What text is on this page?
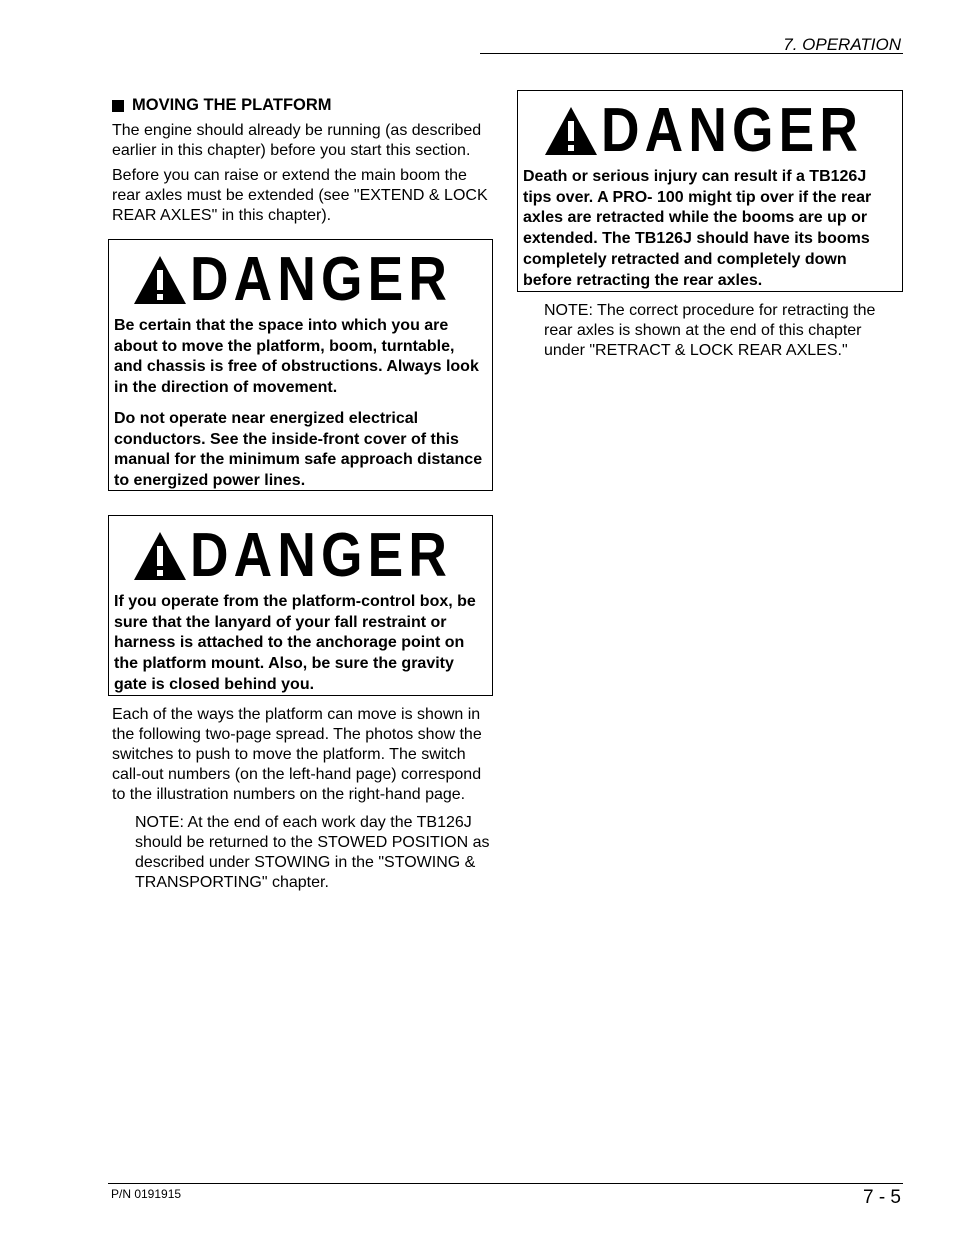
7. OPERATION
MOVING THE PLATFORM

The engine should already be running (as described earlier in this chapter) before you start this section.

Before you can raise or extend the main boom the rear axles must be extended (see "EXTEND & LOCK REAR AXLES" in this chapter).

DANGER

Be certain that the space into which you are about to move the platform, boom, turntable, and chassis is free of obstructions. Always look in the direction of movement.

Do not operate near energized electrical conductors. See the inside-front cover of this manual for the minimum safe approach distance to energized power lines.

DANGER

If you operate from the platform-control box, be sure that the lanyard of your fall restraint or harness is attached to the anchorage point on the platform mount. Also, be sure the gravity gate is closed behind you.

Each of the ways the platform can move is shown in the following two-page spread. The photos show the switches to push to move the platform. The switch call-out numbers (on the left-hand page) correspond to the illustration numbers on the right-hand page.

NOTE: At the end of each work day the TB126J should be returned to the STOWED POSITION as described under STOWING in the "STOWING & TRANSPORTING" chapter.

DANGER

Death or serious injury can result if a TB126J tips over. A PRO- 100 might tip over if the rear axles are retracted while the booms are up or extended. The TB126J should have its booms completely retracted and completely down before retracting the rear axles.

NOTE: The correct procedure for retracting the rear axles is shown at the end of this chapter under "RETRACT & LOCK REAR AXLES."

P/N 0191915	7 - 5
